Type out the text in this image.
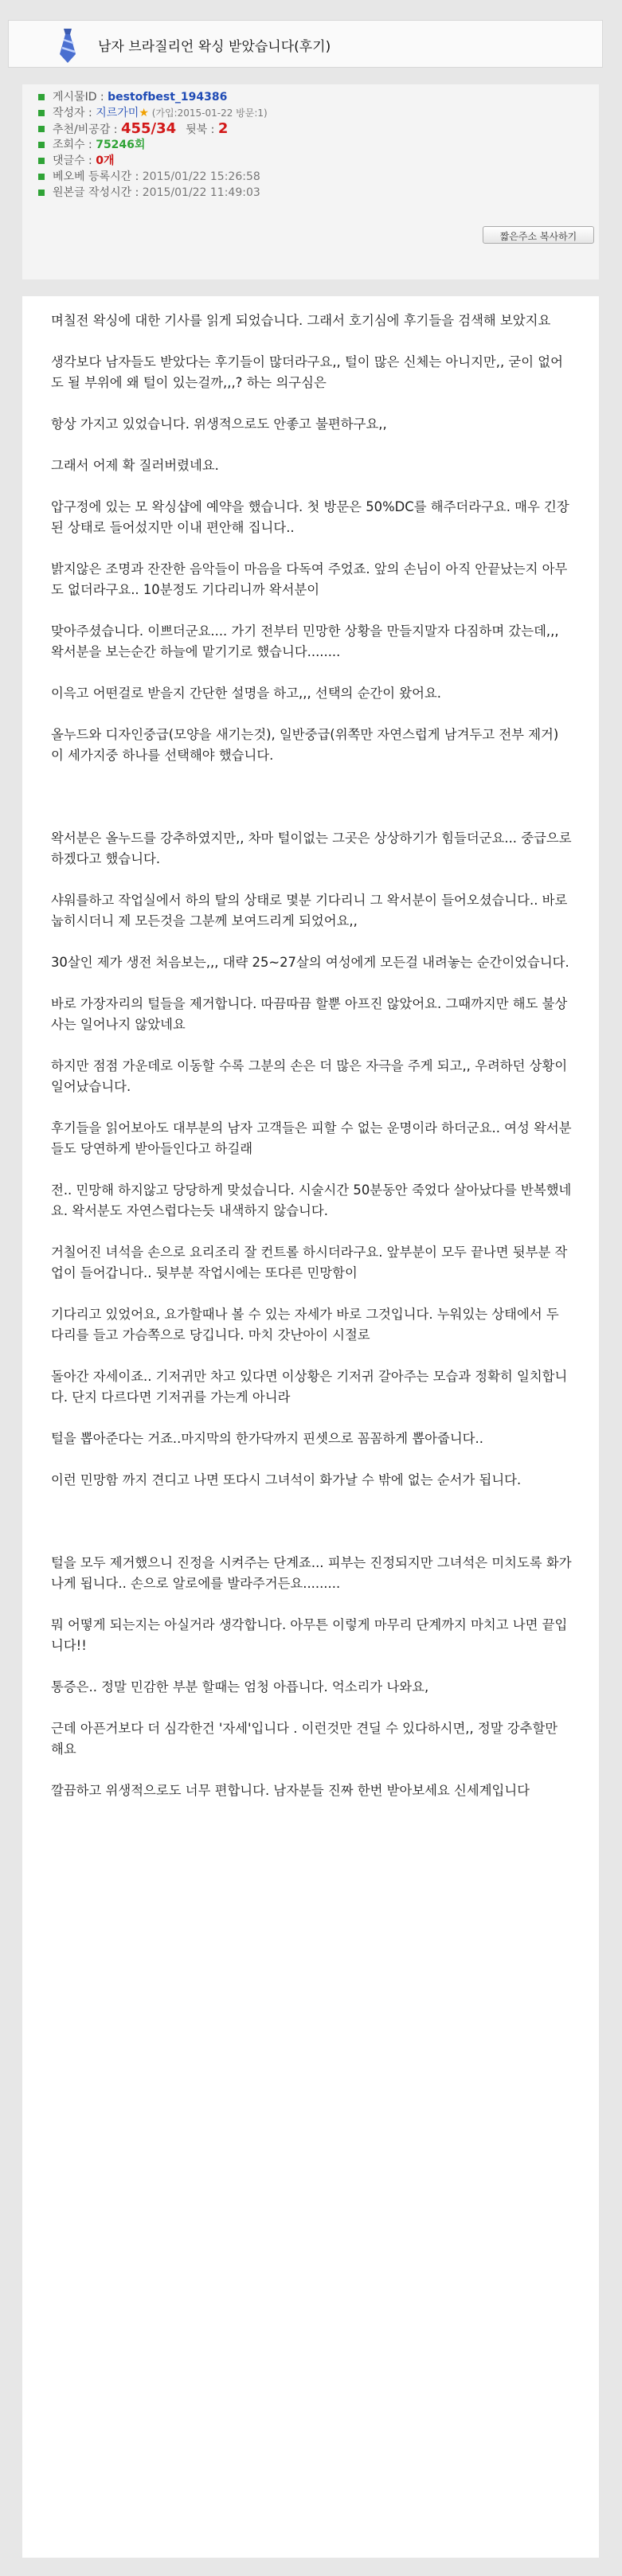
남자 브라질리언 왁싱 받았습니다(후기)
게시물ID : bestofbest_194386
작성자 : 지르가미★ (가입:2015-01-22 방문:1)
추천/비공감 : 455/34 뒷북 : 2
조회수 : 75246회
댓글수 : 0개
베오베 등록시간 : 2015/01/22 15:26:58
원본글 작성시간 : 2015/01/22 11:49:03
짧은주소 복사하기

며칠전 왁싱에 대한 기사를 읽게 되었습니다. 그래서 호기심에 후기들을 검색해 보았지요

생각보다 남자들도 받았다는 후기들이 많더라구요,, 털이 많은 신체는 아니지만,, 굳이 없어도 될 부위에 왜 털이 있는걸까,,,? 하는 의구심은

항상 가지고 있었습니다. 위생적으로도 안좋고 불편하구요,,

그래서 어제 확 질러버렸네요.

압구정에 있는 모 왁싱샵에 예약을 했습니다. 첫 방문은 50%DC를 해주더라구요. 매우 긴장된 상태로 들어섰지만 이내 편안해 집니다..

밝지않은 조명과 잔잔한 음악들이 마음을 다독여 주었죠. 앞의 손님이 아직 안끝났는지 아무도 없더라구요.. 10분정도 기다리니까 왁서분이

맞아주셨습니다. 이쁘더군요.... 가기 전부터 민망한 상황을 만들지말자 다짐하며 갔는데,,, 왁서분을 보는순간 하늘에 맡기기로 했습니다........

이윽고 어떤걸로 받을지 간단한 설명을 하고,,, 선택의 순간이 왔어요.

올누드와 디자인중급(모양을 새기는것), 일반중급(위쪽만 자연스럽게 남겨두고 전부 제거) 이 세가지중 하나를 선택해야 했습니다.

왁서분은 올누드를 강추하였지만,, 차마 털이없는 그곳은 상상하기가 힘들더군요... 중급으로 하겠다고 했습니다.

샤워를하고 작업실에서 하의 탈의 상태로 몇분 기다리니 그 왁서분이 들어오셨습니다.. 바로 눕히시더니 제 모든것을 그분께 보여드리게 되었어요,,

30살인 제가 생전 처음보는,,, 대략 25~27살의 여성에게 모든걸 내려놓는 순간이었습니다.

바로 가장자리의 털들을 제거합니다. 따끔따끔 할뿐 아프진 않았어요. 그때까지만 해도 불상사는 일어나지 않았네요

하지만 점점 가운데로 이동할 수록 그분의 손은 더 많은 자극을 주게 되고,, 우려하던 상황이 일어났습니다.

후기들을 읽어보아도 대부분의 남자 고객들은 피할 수 없는 운명이라 하더군요.. 여성 왁서분들도 당연하게 받아들인다고 하길래

전.. 민망해 하지않고 당당하게 맞섰습니다. 시술시간 50분동안 죽었다 살아났다를 반복했네요. 왁서분도 자연스럽다는듯 내색하지 않습니다.

거칠어진 녀석을 손으로 요리조리 잘 컨트롤 하시더라구요. 앞부분이 모두 끝나면 뒷부분 작업이 들어갑니다.. 뒷부분 작업시에는 또다른 민망함이

기다리고 있었어요, 요가할때나 볼 수 있는 자세가 바로 그것입니다. 누워있는 상태에서 두 다리를 들고 가슴쪽으로 당깁니다. 마치 갓난아이 시절로

돌아간 자세이죠.. 기저귀만 차고 있다면 이상황은 기저귀 갈아주는 모습과 정확히 일치합니다. 단지 다르다면 기저귀를 가는게 아니라

털을 뽑아준다는 거죠..마지막의 한가닥까지 핀셋으로 꼼꼼하게 뽑아줍니다..

이런 민망함 까지 견디고 나면 또다시 그녀석이 화가날 수 밖에 없는 순서가 됩니다.

털을 모두 제거했으니 진정을 시켜주는 단계죠... 피부는 진정되지만 그녀석은 미치도록 화가 나게 됩니다.. 손으로 알로에를 발라주거든요.........

뭐 어떻게 되는지는 아실거라 생각합니다. 아무튼 이렇게 마무리 단계까지 마치고 나면 끝입니다!!

통증은.. 정말 민감한 부분 할때는 엄청 아픕니다. 억소리가 나와요,

근데 아픈거보다 더 심각한건 '자세'입니다 . 이런것만 견딜 수 있다하시면,, 정말 강추할만 해요

깔끔하고 위생적으로도 너무 편합니다. 남자분들 진짜 한번 받아보세요 신세계입니다
